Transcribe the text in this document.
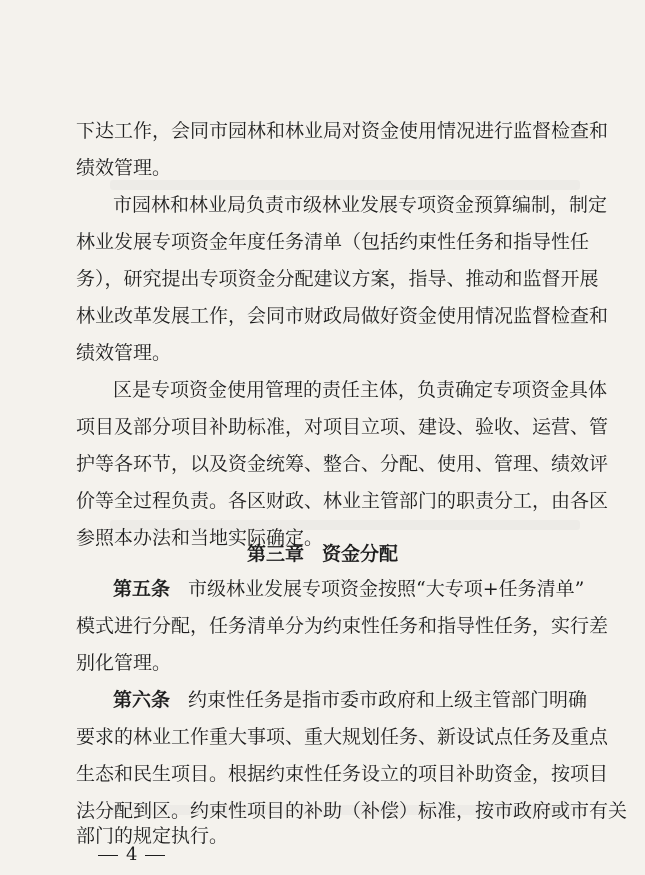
下达工作，会同市园林和林业局对资金使用情况进行监督检查和
绩效管理。
市园林和林业局负责市级林业发展专项资金预算编制，制定
林业发展专项资金年度任务清单（包括约束性任务和指导性任
务），研究提出专项资金分配建议方案，指导、推动和监督开展
林业改革发展工作，会同市财政局做好资金使用情况监督检查和
绩效管理。
区是专项资金使用管理的责任主体，负责确定专项资金具体
项目及部分项目补助标准，对项目立项、建设、验收、运营、管
护等各环节，以及资金统筹、整合、分配、使用、管理、绩效评
价等全过程负责。各区财政、林业主管部门的职责分工，由各区
参照本办法和当地实际确定。
第三章 资金分配
第五条 市级林业发展专项资金按照“大专项+任务清单”
模式进行分配，任务清单分为约束性任务和指导性任务，实行差
别化管理。
第六条 约束性任务是指市委市政府和上级主管部门明确
要求的林业工作重大事项、重大规划任务、新设试点任务及重点
生态和民生项目。根据约束性任务设立的项目补助资金，按项目
法分配到区。约束性项目的补助（补偿）标准，按市政府或市有关
部门的规定执行。
4
